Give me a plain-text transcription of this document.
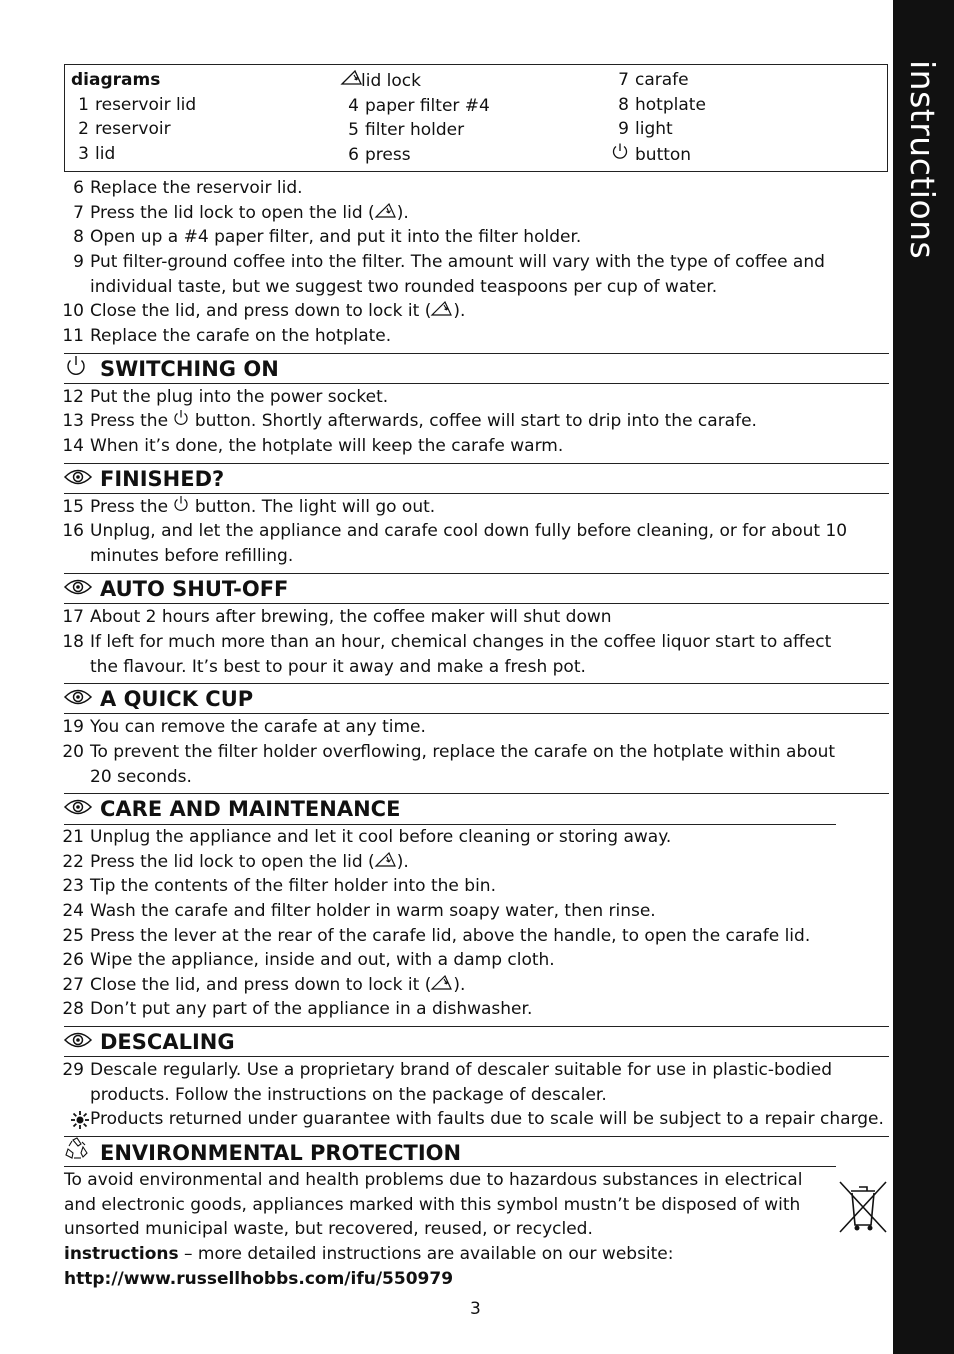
instructions
diagrams
1 reservoir lid
2 reservoir
3 lid
lid lock
4 paper filter #4
5 filter holder
6 press
7 carafe
8 hotplate
9 light
button
6 Replace the reservoir lid.
7 Press the lid lock to open the lid ( ).
8 Open up a #4 paper filter, and put it into the filter holder.
9 Put filter-ground coffee into the filter. The amount will vary with the type of coffee and individual taste, but we suggest two rounded teaspoons per cup of water.
10 Close the lid, and press down to lock it ( ).
11 Replace the carafe on the hotplate.
SWITCHING ON
12 Put the plug into the power socket.
13 Press the button. Shortly afterwards, coffee will start to drip into the carafe.
14 When it’s done, the hotplate will keep the carafe warm.
FINISHED?
15 Press the button. The light will go out.
16 Unplug, and let the appliance and carafe cool down fully before cleaning, or for about 10 minutes before refilling.
AUTO SHUT-OFF
17 About 2 hours after brewing, the coffee maker will shut down
18 If left for much more than an hour, chemical changes in the coffee liquor start to affect the flavour. It’s best to pour it away and make a fresh pot.
A QUICK CUP
19 You can remove the carafe at any time.
20 To prevent the filter holder overflowing, replace the carafe on the hotplate within about 20 seconds.
CARE AND MAINTENANCE
21 Unplug the appliance and let it cool before cleaning or storing away.
22 Press the lid lock to open the lid ( ).
23 Tip the contents of the filter holder into the bin.
24 Wash the carafe and filter holder in warm soapy water, then rinse.
25 Press the lever at the rear of the carafe lid, above the handle, to open the carafe lid.
26 Wipe the appliance, inside and out, with a damp cloth.
27 Close the lid, and press down to lock it ( ).
28 Don’t put any part of the appliance in a dishwasher.
DESCALING
29 Descale regularly. Use a proprietary brand of descaler suitable for use in plastic-bodied products. Follow the instructions on the package of descaler.
Products returned under guarantee with faults due to scale will be subject to a repair charge.
ENVIRONMENTAL PROTECTION
To avoid environmental and health problems due to hazardous substances in electrical and electronic goods, appliances marked with this symbol mustn’t be disposed of with unsorted municipal waste, but recovered, reused, or recycled.
instructions – more detailed instructions are available on our website:
http://www.russellhobbs.com/ifu/550979
3
